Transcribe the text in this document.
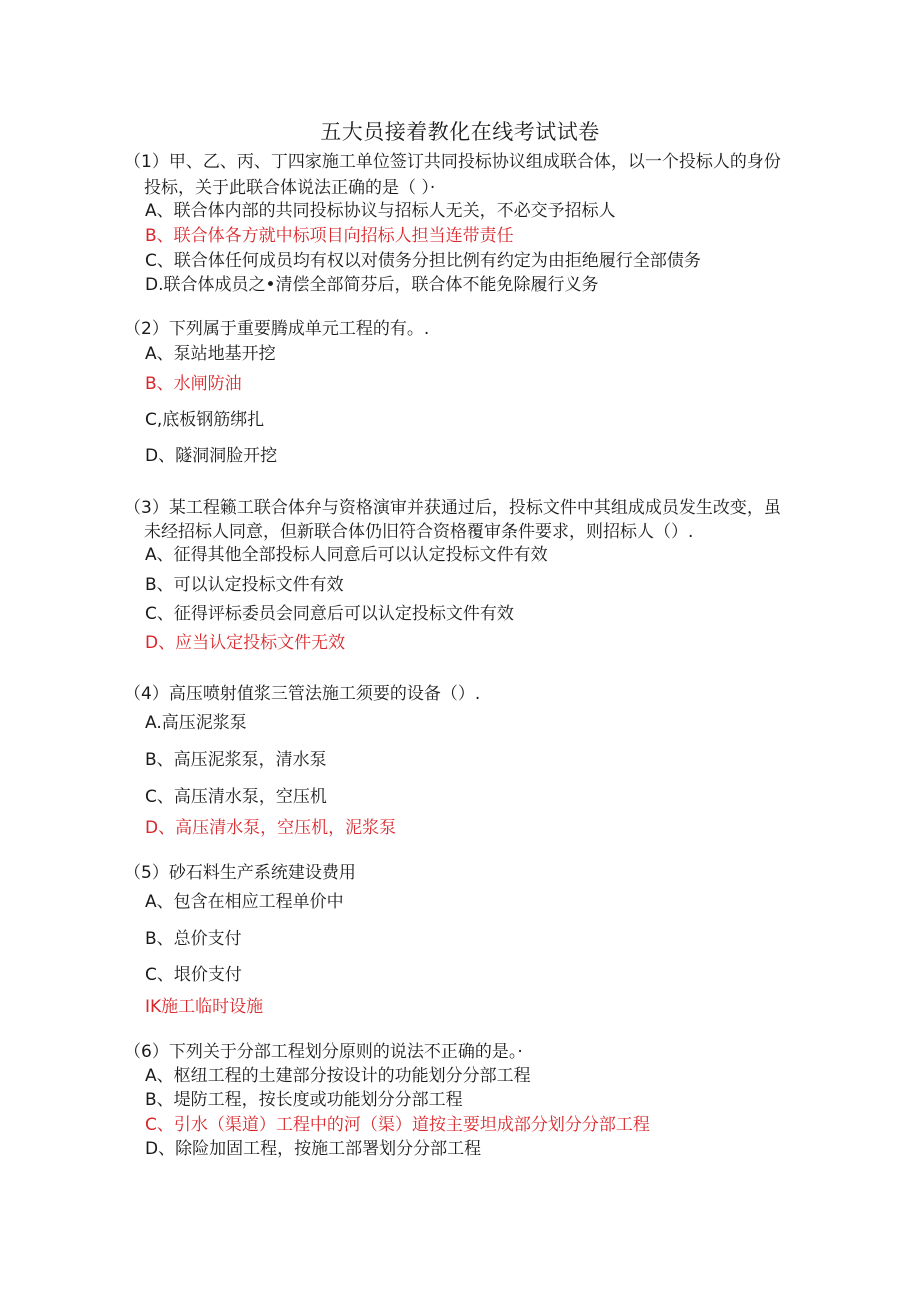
五大员接着教化在线考试试卷
（1）甲、乙、丙、丁四家施工单位签订共同投标协议组成联合体，以一个投标人的身份
投标，关于此联合体说法正确的是（ ）·
A、联合体内部的共同投标协议与招标人无关，不必交予招标人
B、联合体各方就中标项目向招标人担当连带责任
C、联合体任何成员均有权以对债务分担比例有约定为由拒绝履行全部债务
D.联合体成员之•清偿全部简芬后，联合体不能免除履行义务
（2）下列属于重要腾成单元工程的有。.
A、泵站地基开挖
B、水闸防油
C,底板钢筋绑扎
D、隧洞洞脸开挖
（3）某工程籁工联合体弁与资格演审并获通过后，投标文件中其组成成员发生改变，虽
未经招标人同意，但新联合体仍旧符合资格覆审条件要求，则招标人（）.
A、征得其他全部投标人同意后可以认定投标文件有效
B、可以认定投标文件有效
C、征得评标委员会同意后可以认定投标文件有效
D、应当认定投标文件无效
（4）高压喷射值浆三管法施工须要的设备（）.
A.高压泥浆泵
B、高压泥浆泵，清水泵
C、高压清水泵，空压机
D、高压清水泵，空压机，泥浆泵
（5）砂石料生产系统建设费用
A、包含在相应工程单价中
B、总价支付
C、垠价支付
IK施工临时设施
（6）下列关于分部工程划分原则的说法不正确的是。·
A、枢纽工程的土建部分按设计的功能划分分部工程
B、堤防工程，按长度或功能划分分部工程
C、引水（渠道）工程中的河（渠）道按主要坦成部分划分分部工程
D、除险加固工程，按施工部署划分分部工程
